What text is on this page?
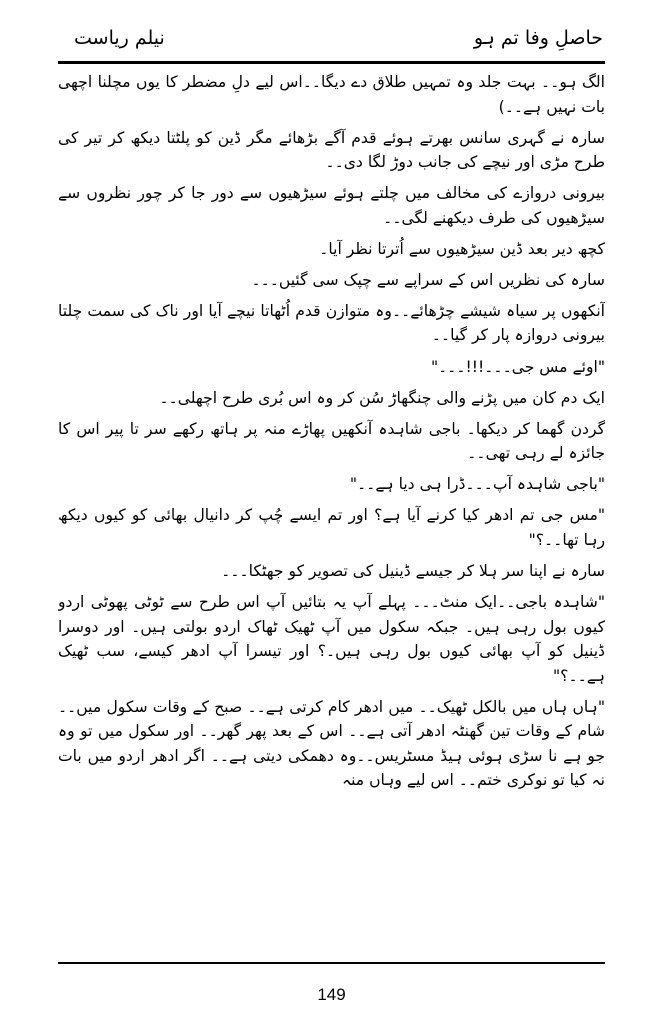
حاصلِ وفا تم ہو
نیلم ریاست

الگ ہو۔۔ بہت جلد وہ تمہیں طلاق دے دیگا۔۔اس لیے دلِ مضطر کا یوں مچلنا اچھی بات نہیں ہے۔۔)

سارہ نے گہری سانس بھرتے ہوئے قدم آگے بڑھائے مگر ڈین کو پلٹتا دیکھ کر تیر کی طرح مڑی اور نیچے کی جانب دوڑ لگا دی۔۔

بیرونی دروازے کی مخالف میں چلتے ہوئے سیڑھیوں سے دور جا کر چور نظروں سے سیڑھیوں کی طرف دیکھنے لگی۔۔

کچھ دیر بعد ڈین سیڑھیوں سے اُترتا نظر آیا۔

سارہ کی نظریں اس کے سراپے سے چپک سی گئیں۔۔۔

آنکھوں پر سیاہ شیشے چڑھائے۔۔وہ متوازن قدم اُٹھاتا نیچے آیا اور ناک کی سمت چلتا بیرونی دروازہ پار کر گیا۔۔

"اوئے مس جی۔۔۔!!!۔۔۔"

ایک دم کان میں پڑنے والی چنگھاڑ سُن کر وہ اس بُری طرح اچھلی۔۔

گردن گھما کر دیکھا۔ باجی شاہدہ آنکھیں پھاڑے منہ پر ہاتھ رکھے سر تا پیر اس کا جائزہ لے رہی تھی۔۔

"باجی شاہدہ آپ۔۔۔ڈرا ہی دیا ہے۔۔"

"مس جی تم ادھر کیا کرنے آیا ہے؟ اور تم ایسے چُپ کر دانیال بھائی کو کیوں دیکھ رہا تھا۔۔؟"

سارہ نے اپنا سر ہلا کر جیسے ڈینیل کی تصویر کو جھٹکا۔۔۔

"شاہدہ باجی۔۔ایک منٹ۔۔۔ پہلے آپ یہ بتائیں آپ اس طرح سے ٹوٹی پھوٹی اردو کیوں بول رہی ہیں۔ جبکہ سکول میں آپ ٹھیک ٹھاک اردو بولتی ہیں۔ اور دوسرا ڈینیل کو آپ بھائی کیوں بول رہی ہیں۔؟ اور تیسرا آپ ادھر کیسے، سب ٹھیک ہے۔۔؟"

"ہاں ہاں میں بالکل ٹھیک۔۔ میں ادھر کام کرتی ہے۔۔ صبح کے وقات سکول میں۔۔شام کے وقات تین گھنٹہ ادھر آتی ہے۔۔ اس کے بعد پھر گھر۔۔ اور سکول میں تو وہ جو ہے نا سڑی ہوئی ہیڈ مسٹریس۔۔وہ دھمکی دیتی ہے۔۔ اگر ادھر اردو میں بات نہ کیا تو نوکری ختم۔۔ اس لیے وہاں منہ

149
